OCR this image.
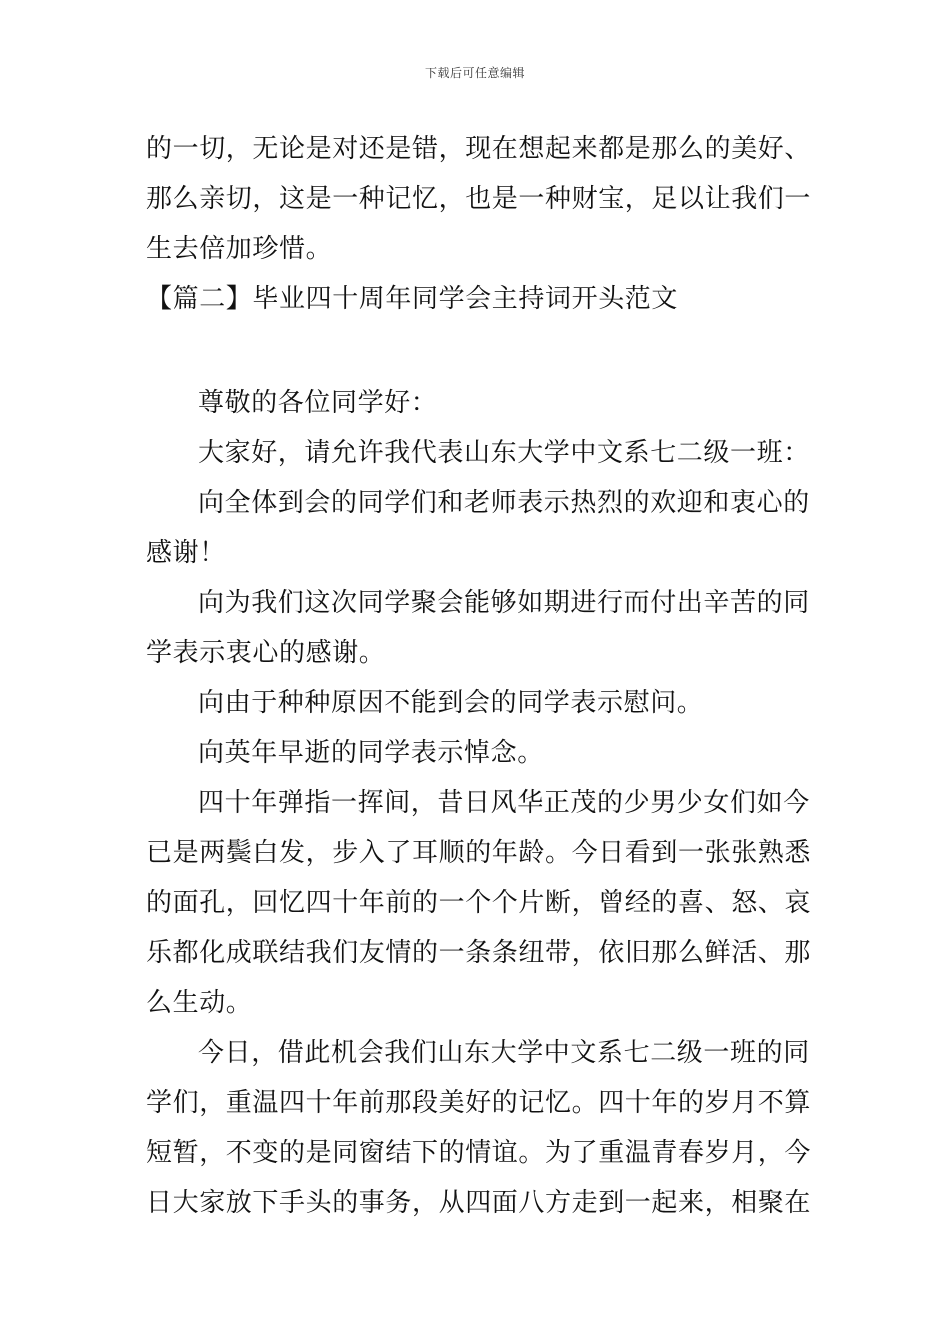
下载后可任意编辑

的一切，无论是对还是错，现在想起来都是那么的美好、那么亲切，这是一种记忆，也是一种财宝，足以让我们一生去倍加珍惜。

【篇二】毕业四十周年同学会主持词开头范文

尊敬的各位同学好：

大家好，请允许我代表山东大学中文系七二级一班：

向全体到会的同学们和老师表示热烈的欢迎和衷心的感谢！

向为我们这次同学聚会能够如期进行而付出辛苦的同学表示衷心的感谢。

向由于种种原因不能到会的同学表示慰问。

向英年早逝的同学表示悼念。

四十年弹指一挥间，昔日风华正茂的少男少女们如今已是两鬓白发，步入了耳顺的年龄。今日看到一张张熟悉的面孔，回忆四十年前的一个个片断，曾经的喜、怒、哀乐都化成联结我们友情的一条条纽带，依旧那么鲜活、那么生动。

今日，借此机会我们山东大学中文系七二级一班的同学们，重温四十年前那段美好的记忆。四十年的岁月不算短暂，不变的是同窗结下的情谊。为了重温青春岁月，今日大家放下手头的事务，从四面八方走到一起来，相聚在
